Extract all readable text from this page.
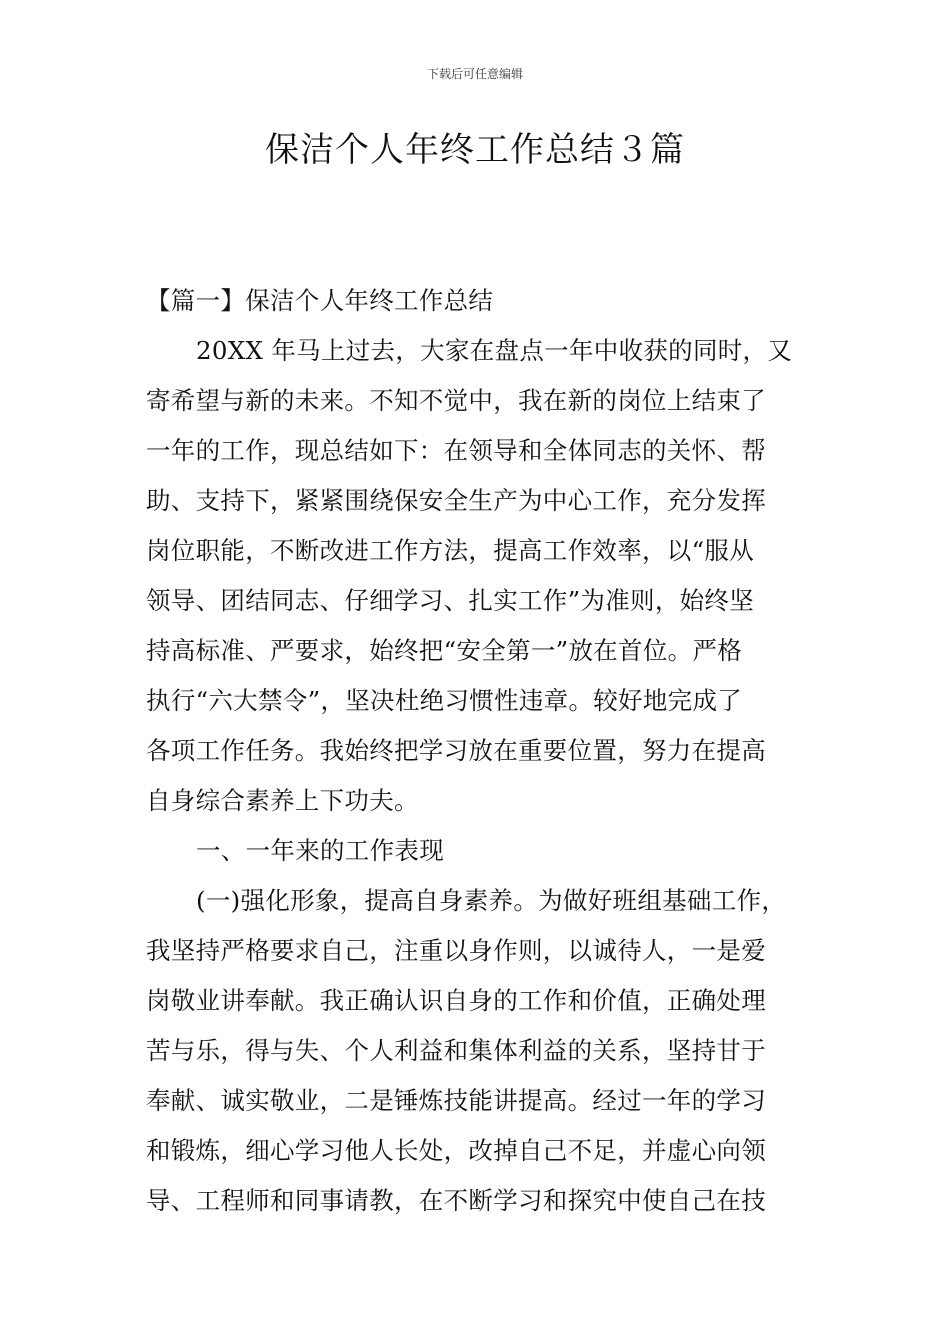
下载后可任意编辑
保洁个人年终工作总结３篇
【篇一】保洁个人年终工作总结
20XX 年马上过去，大家在盘点一年中收获的同时，又
寄希望与新的未来。不知不觉中，我在新的岗位上结束了
一年的工作，现总结如下：在领导和全体同志的关怀、帮
助、支持下，紧紧围绕保安全生产为中心工作，充分发挥
岗位职能，不断改进工作方法，提高工作效率，以“服从
领导、团结同志、仔细学习、扎实工作”为准则，始终坚
持高标准、严要求，始终把“安全第一”放在首位。严格
执行“六大禁令”，坚决杜绝习惯性违章。较好地完成了
各项工作任务。我始终把学习放在重要位置，努力在提高
自身综合素养上下功夫。
一、一年来的工作表现
(一)强化形象，提高自身素养。为做好班组基础工作，
我坚持严格要求自己，注重以身作则，以诚待人，一是爱
岗敬业讲奉献。我正确认识自身的工作和价值，正确处理
苦与乐，得与失、个人利益和集体利益的关系，坚持甘于
奉献、诚实敬业，二是锤炼技能讲提高。经过一年的学习
和锻炼，细心学习他人长处，改掉自己不足，并虚心向领
导、工程师和同事请教，在不断学习和探究中使自己在技
